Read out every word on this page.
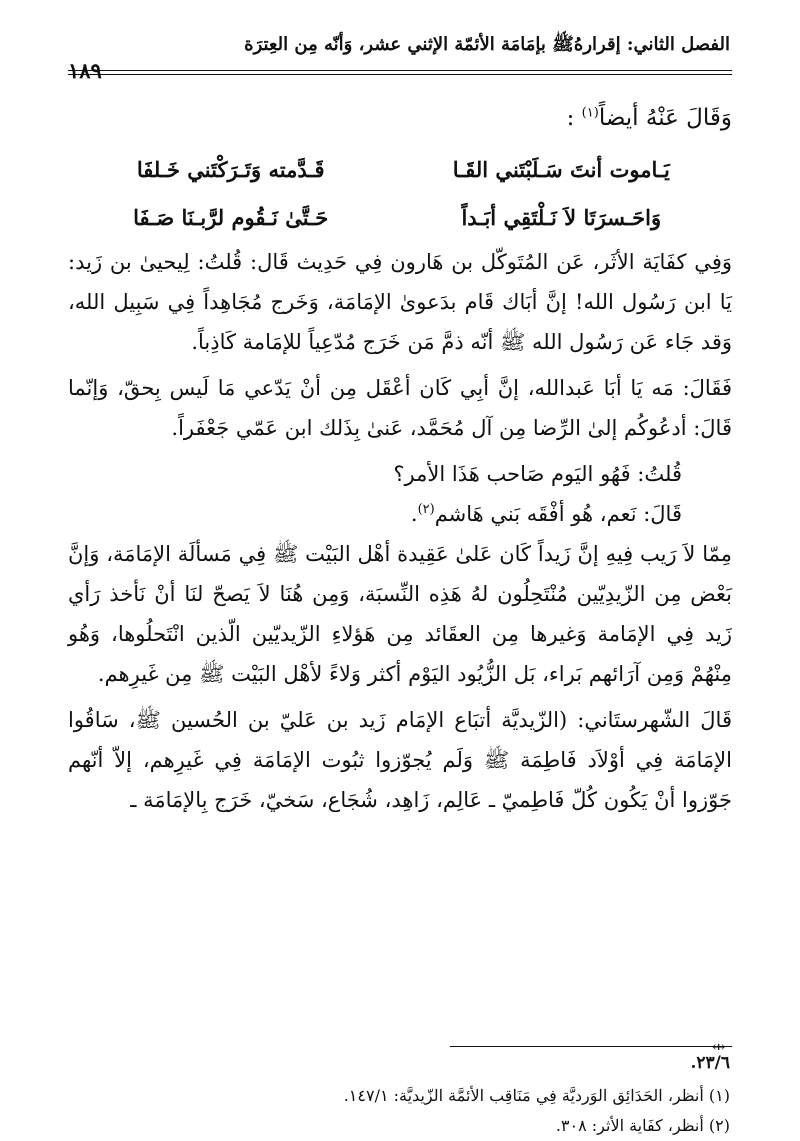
الفصل الثاني: إقرارهُ‌ﷺ بإمَامَة الأئمّة الإثني عشر، وَأنّه مِن العِترَة
١٨٩

وَقَالَ عَنْهُ أيضاً$^{(١)}$ :

يَـاموت أنتَ سَـلَبْتَني القَـا
قَـدَّمته وَتَـرَكْتَني خَـلفَا
وَاحَـسرَتَا لاَ نَـلْتَقِي أبَـداً
حَـتَّىٰ نَـقُوم لرَّبـنَا صَـفَا

وَفِي كفَايَة الأثَر، عَن المُتَوكّل بن هَارون فِي حَدِيث قَال: قُلتُ: لِيحيىٰ بن زَيد: يَا ابن رَسُول الله! إنَّ أبَاك قَام بدَعوىٰ الإمَامَة، وَخَرج مُجَاهِداً فِي سَبِيل الله، وَقد جَاء عَن رَسُول الله ﷺ أنّه ذمَّ مَن خَرَج مُدّعِياً للإمَامة كَاذِباً.

فَقَالَ: مَه يَا أبَا عَبدالله، إنَّ أبِي كَان أعْقَل مِن أنْ يَدّعي مَا لَيس بِحقّ، وَإنّما قَالَ: أدعُوكُم إلىٰ الرِّضا مِن آل مُحَمَّد، عَنىٰ بِذَلك ابن عَمّي جَعْفَراً.

قُلتُ: فَهُو اليَوم صَاحب هَذَا الأمر؟

قَالَ: نَعم، هُو أفْقَه بَني هَاشم$^{(٢)}$.

مِمّا لاَ رَيب فِيهِ إنَّ زَيداً كَان عَلىٰ عَقِيدة أهْل البَيْت ﷺ فِي مَسألَة الإمَامَة، وَإنَّ بَعْض مِن الزّيدِيّين مُنْتَحِلُون لهُ هَذِه النِّسبَة، وَمِن هُنَا لاَ يَصحّ لنَا أنْ نَأخذ رَأي زَيد فِي الإمَامة وَغيرها مِن العقَائد مِن هَؤلاءِ الزّيديّين الّذين انْتَحلُوها، وَهُو مِنْهُمْ وَمِن آرَائهم بَراء، بَل الزُّيُود اليَوْم أكثر وَلاءً لأهْل البَيْت ﷺ مِن غَيرِهم.

قَالَ الشّهرستَاني: (الزّيديَّة أتبَاع الإمَام زَيد بن عَليّ بن الحُسين ﷺ، سَاقُوا الإمَامَة فِي أوْلاَد فَاطِمَة ﷺ وَلَم يُجوّزوا ثبُوت الإمَامَة فِي غَيرِهم، إلاّ أنّهم جَوّزوا أنْ يَكُون كُلّ فَاطِميّ ـ عَالِم، زَاهِد، شُجَاع، سَخيّ، خَرَج بِالإمَامَة ـ

⇹
٢٣/٦.
(١) أنظر، الحَدَائِق الوَرديَّة فِي مَنَاقِب الأئمَّة الزّيديَّة: ١٤٧/١.
(٢) أنظر، كفَاية الأثر: ٣٠٨.
